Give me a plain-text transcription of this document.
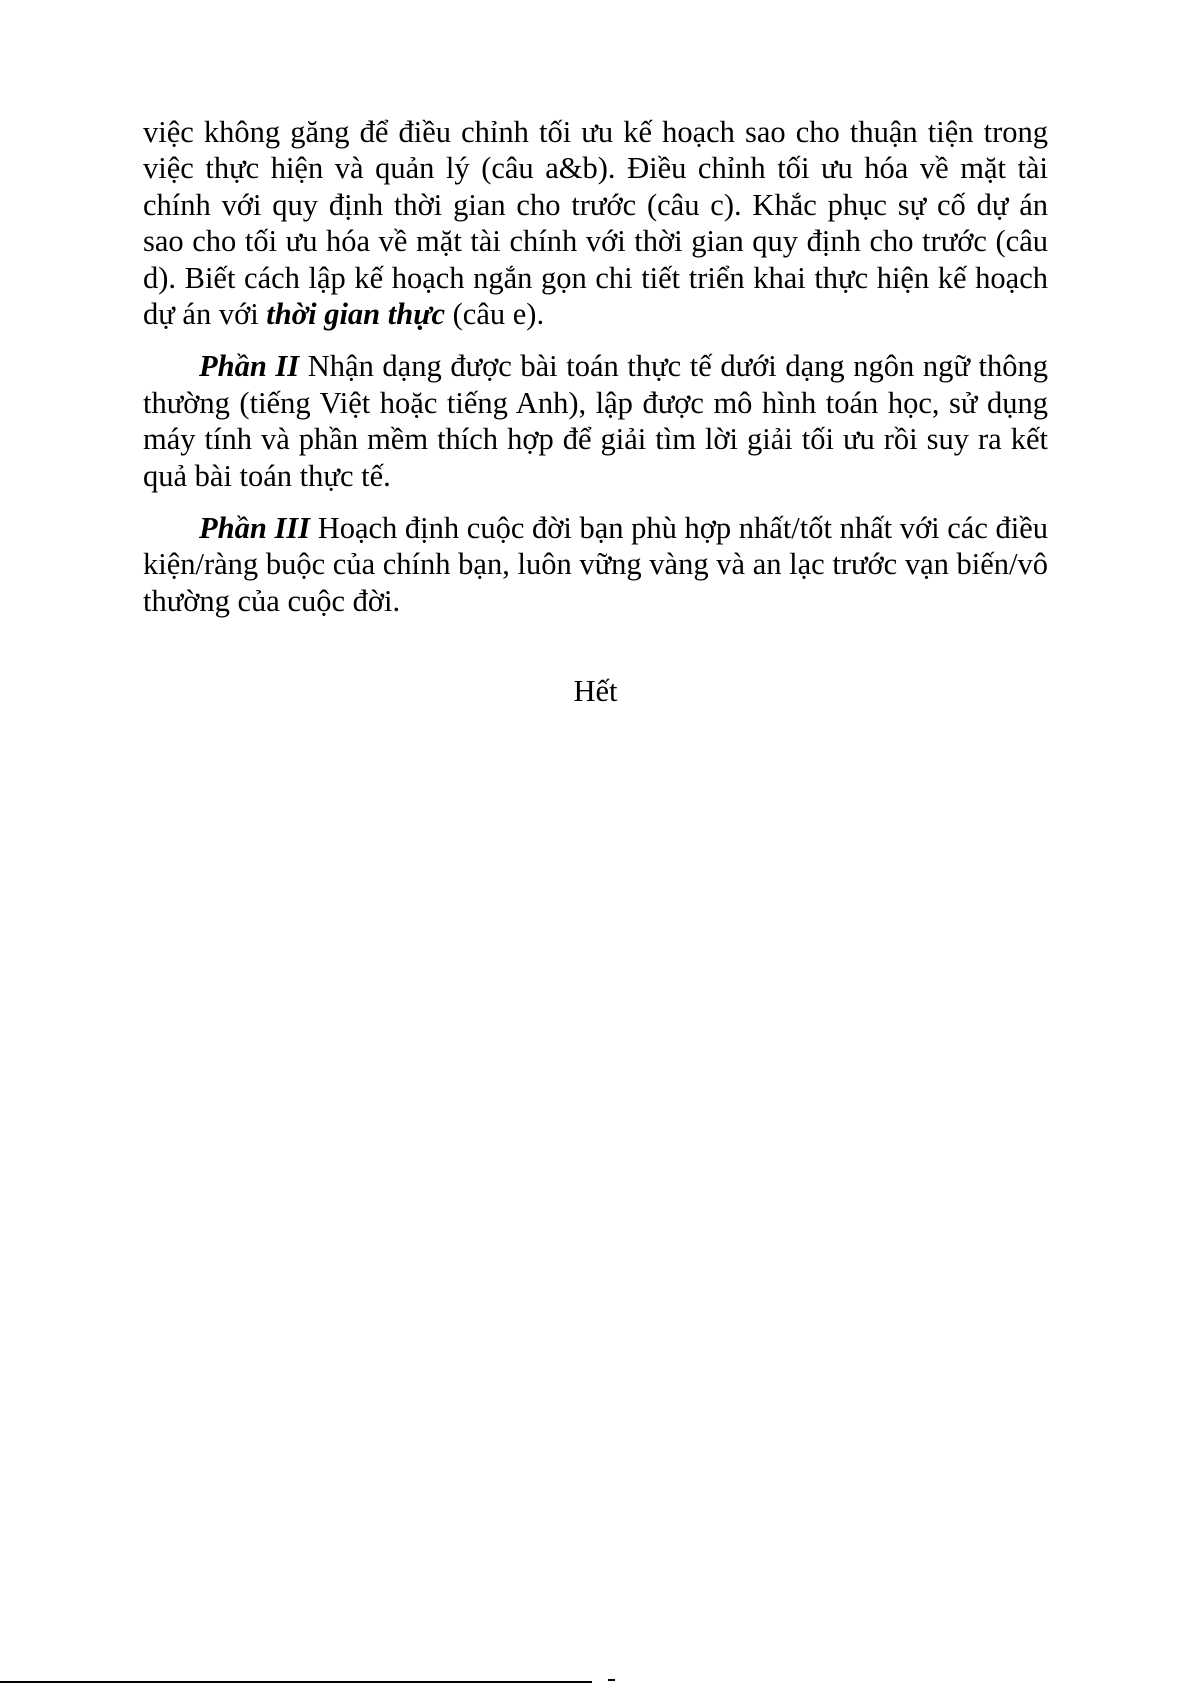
việc không găng để điều chỉnh tối ưu kế hoạch sao cho thuận tiện trong việc thực hiện và quản lý (câu a&b). Điều chỉnh tối ưu hóa về mặt tài chính với quy định thời gian cho trước (câu c). Khắc phục sự cố dự án sao cho tối ưu hóa về mặt tài chính với thời gian quy định cho trước (câu d). Biết cách lập kế hoạch ngắn gọn chi tiết triển khai thực hiện kế hoạch dự án với thời gian thực (câu e).

Phần II Nhận dạng được bài toán thực tế dưới dạng ngôn ngữ thông thường (tiếng Việt hoặc tiếng Anh), lập được mô hình toán học, sử dụng máy tính và phần mềm thích hợp để giải tìm lời giải tối ưu rồi suy ra kết quả bài toán thực tế.

Phần III Hoạch định cuộc đời bạn phù hợp nhất/tốt nhất với các điều kiện/ràng buộc của chính bạn, luôn vững vàng và an lạc trước vạn biến/vô thường của cuộc đời.

Hết
